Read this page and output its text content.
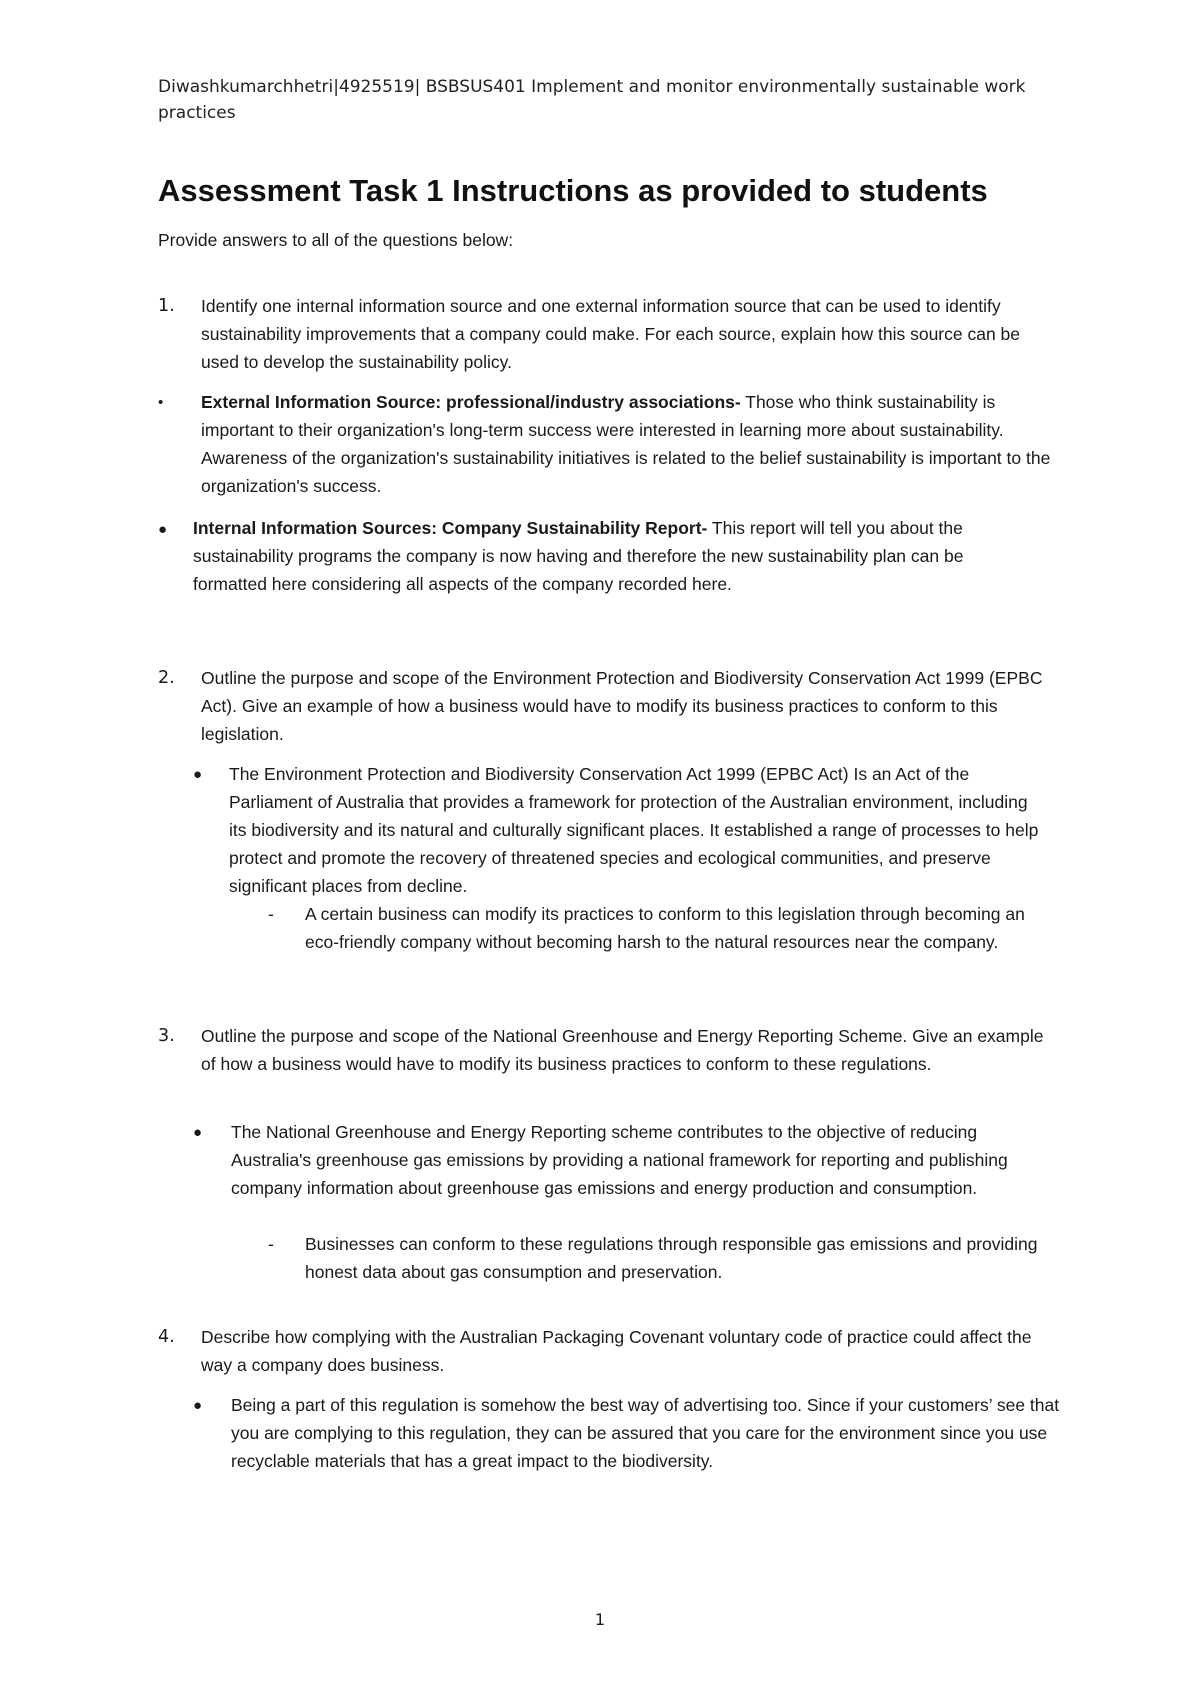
Diwashkumarchhetri|4925519| BSBSUS401 Implement and monitor environmentally sustainable work practices
Assessment Task 1 Instructions as provided to students
Provide answers to all of the questions below:
1. Identify one internal information source and one external information source that can be used to identify sustainability improvements that a company could make. For each source, explain how this source can be used to develop the sustainability policy.
• External Information Source: professional/industry associations- Those who think sustainability is important to their organization's long-term success were interested in learning more about sustainability. Awareness of the organization's sustainability initiatives is related to the belief sustainability is important to the organization's success.
● Internal Information Sources: Company Sustainability Report- This report will tell you about the sustainability programs the company is now having and therefore the new sustainability plan can be formatted here considering all aspects of the company recorded here.
2. Outline the purpose and scope of the Environment Protection and Biodiversity Conservation Act 1999 (EPBC Act). Give an example of how a business would have to modify its business practices to conform to this legislation.
● The Environment Protection and Biodiversity Conservation Act 1999 (EPBC Act) Is an Act of the Parliament of Australia that provides a framework for protection of the Australian environment, including its biodiversity and its natural and culturally significant places. It established a range of processes to help protect and promote the recovery of threatened species and ecological communities, and preserve significant places from decline.
- A certain business can modify its practices to conform to this legislation through becoming an eco-friendly company without becoming harsh to the natural resources near the company.
3. Outline the purpose and scope of the National Greenhouse and Energy Reporting Scheme. Give an example of how a business would have to modify its business practices to conform to these regulations.
● The National Greenhouse and Energy Reporting scheme contributes to the objective of reducing Australia's greenhouse gas emissions by providing a national framework for reporting and publishing company information about greenhouse gas emissions and energy production and consumption.
- Businesses can conform to these regulations through responsible gas emissions and providing honest data about gas consumption and preservation.
4. Describe how complying with the Australian Packaging Covenant voluntary code of practice could affect the way a company does business.
● Being a part of this regulation is somehow the best way of advertising too. Since if your customers’ see that you are complying to this regulation, they can be assured that you care for the environment since you use recyclable materials that has a great impact to the biodiversity.
1
